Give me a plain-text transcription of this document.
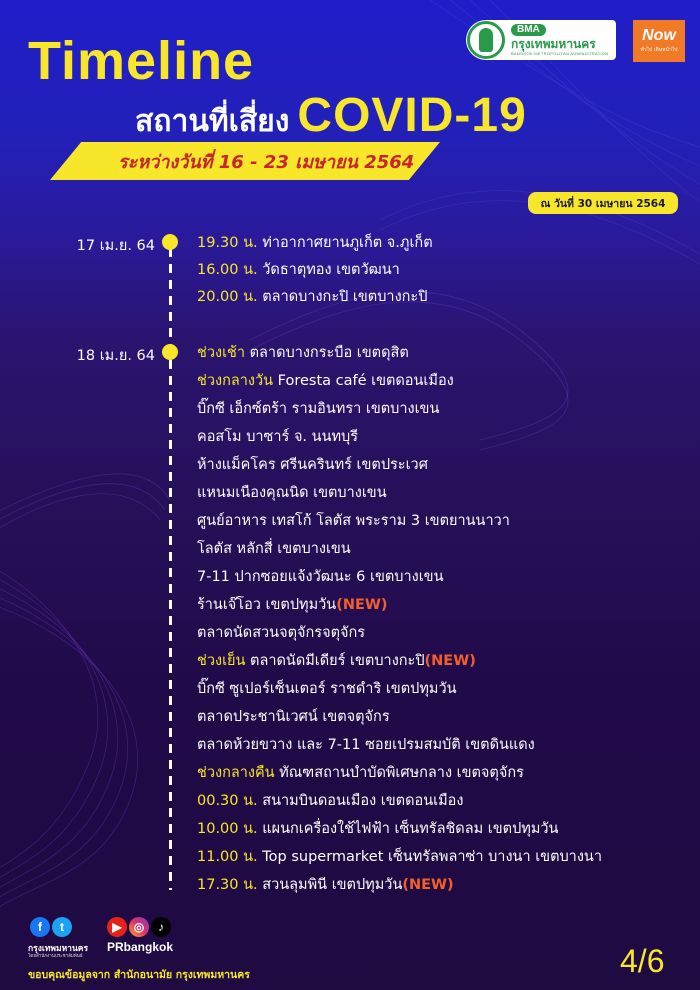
Timeline
สถานที่เสี่ยง COVID-19
ระหว่างวันที่ 16 - 23 เมษายน 2564
ณ วันที่ 30 เมษายน 2564
BMA
กรุงเทพมหานคร
BANGKOK METROPOLITAN ADMINISTRATION
Now
ทั่วไป เดินหน้าไป
17 เม.ย. 64	19.30 น. ท่าอากาศยานภูเก็ต จ.ภูเก็ต
16.00 น. วัดธาตุทอง เขตวัฒนา
20.00 น. ตลาดบางกะปิ เขตบางกะปิ
18 เม.ย. 64	ช่วงเช้า ตลาดบางกระบือ เขตดุสิต
ช่วงกลางวัน Foresta café เขตดอนเมือง
บิ๊กซี เอ็กซ์ตร้า รามอินทรา เขตบางเขน
คอสโม บาซาร์ จ. นนทบุรี
ห้างแม็คโคร ศรีนครินทร์ เขตประเวศ
แหนมเนืองคุณนิด เขตบางเขน
ศูนย์อาหาร เทสโก้ โลตัส พระราม 3 เขตยานนาวา
โลตัส หลักสี่ เขตบางเขน
7-11 ปากซอยแจ้งวัฒนะ 6 เขตบางเขน
ร้านเจ๊โอว เขตปทุมวัน(NEW)
ตลาดนัดสวนจตุจักรจตุจักร
ช่วงเย็น ตลาดนัดมีเดียร์ เขตบางกะปิ(NEW)
บิ๊กซี ซูเปอร์เซ็นเตอร์ ราชดำริ เขตปทุมวัน
ตลาดประชานิเวศน์ เขตจตุจักร
ตลาดห้วยขวาง และ 7-11 ซอยเปรมสมบัติ เขตดินแดง
ช่วงกลางคืน ทัณฑสถานบำบัดพิเศษกลาง เขตจตุจักร
00.30 น. สนามบินดอนเมือง เขตดอนเมือง
10.00 น. แผนกเครื่องใช้ไฟฟ้า เซ็นทรัลชิดลม เขตปทุมวัน
11.00 น. Top supermarket เซ็นทรัลพลาซ่า บางนา เขตบางนา
17.30 น. สวนลุมพินี เขตปทุมวัน(NEW)
f	t	▶	◎	♪
กรุงเทพมหานคร
โดยสำนักงานประชาสัมพันธ์
PRbangkok
ขอบคุณข้อมูลจาก สำนักอนามัย กรุงเทพมหานคร	4/6
